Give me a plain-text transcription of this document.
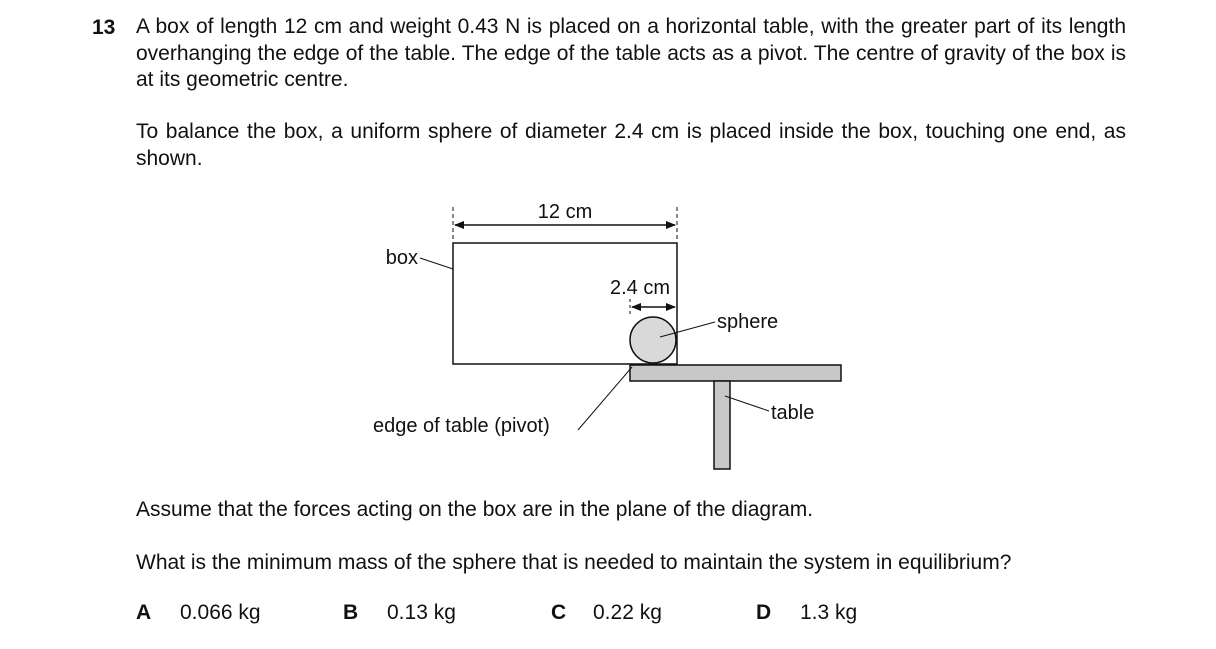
13 A box of length 12 cm and weight 0.43 N is placed on a horizontal table, with the greater part of its length overhanging the edge of the table. The edge of the table acts as a pivot. The centre of gravity of the box is at its geometric centre.
To balance the box, a uniform sphere of diameter 2.4 cm is placed inside the box, touching one end, as shown.
12 cm
box
2.4 cm
sphere
table
edge of table (pivot)
Assume that the forces acting on the box are in the plane of the diagram.
What is the minimum mass of the sphere that is needed to maintain the system in equilibrium?
A 0.066 kg	B 0.13 kg	C 0.22 kg	D 1.3 kg
